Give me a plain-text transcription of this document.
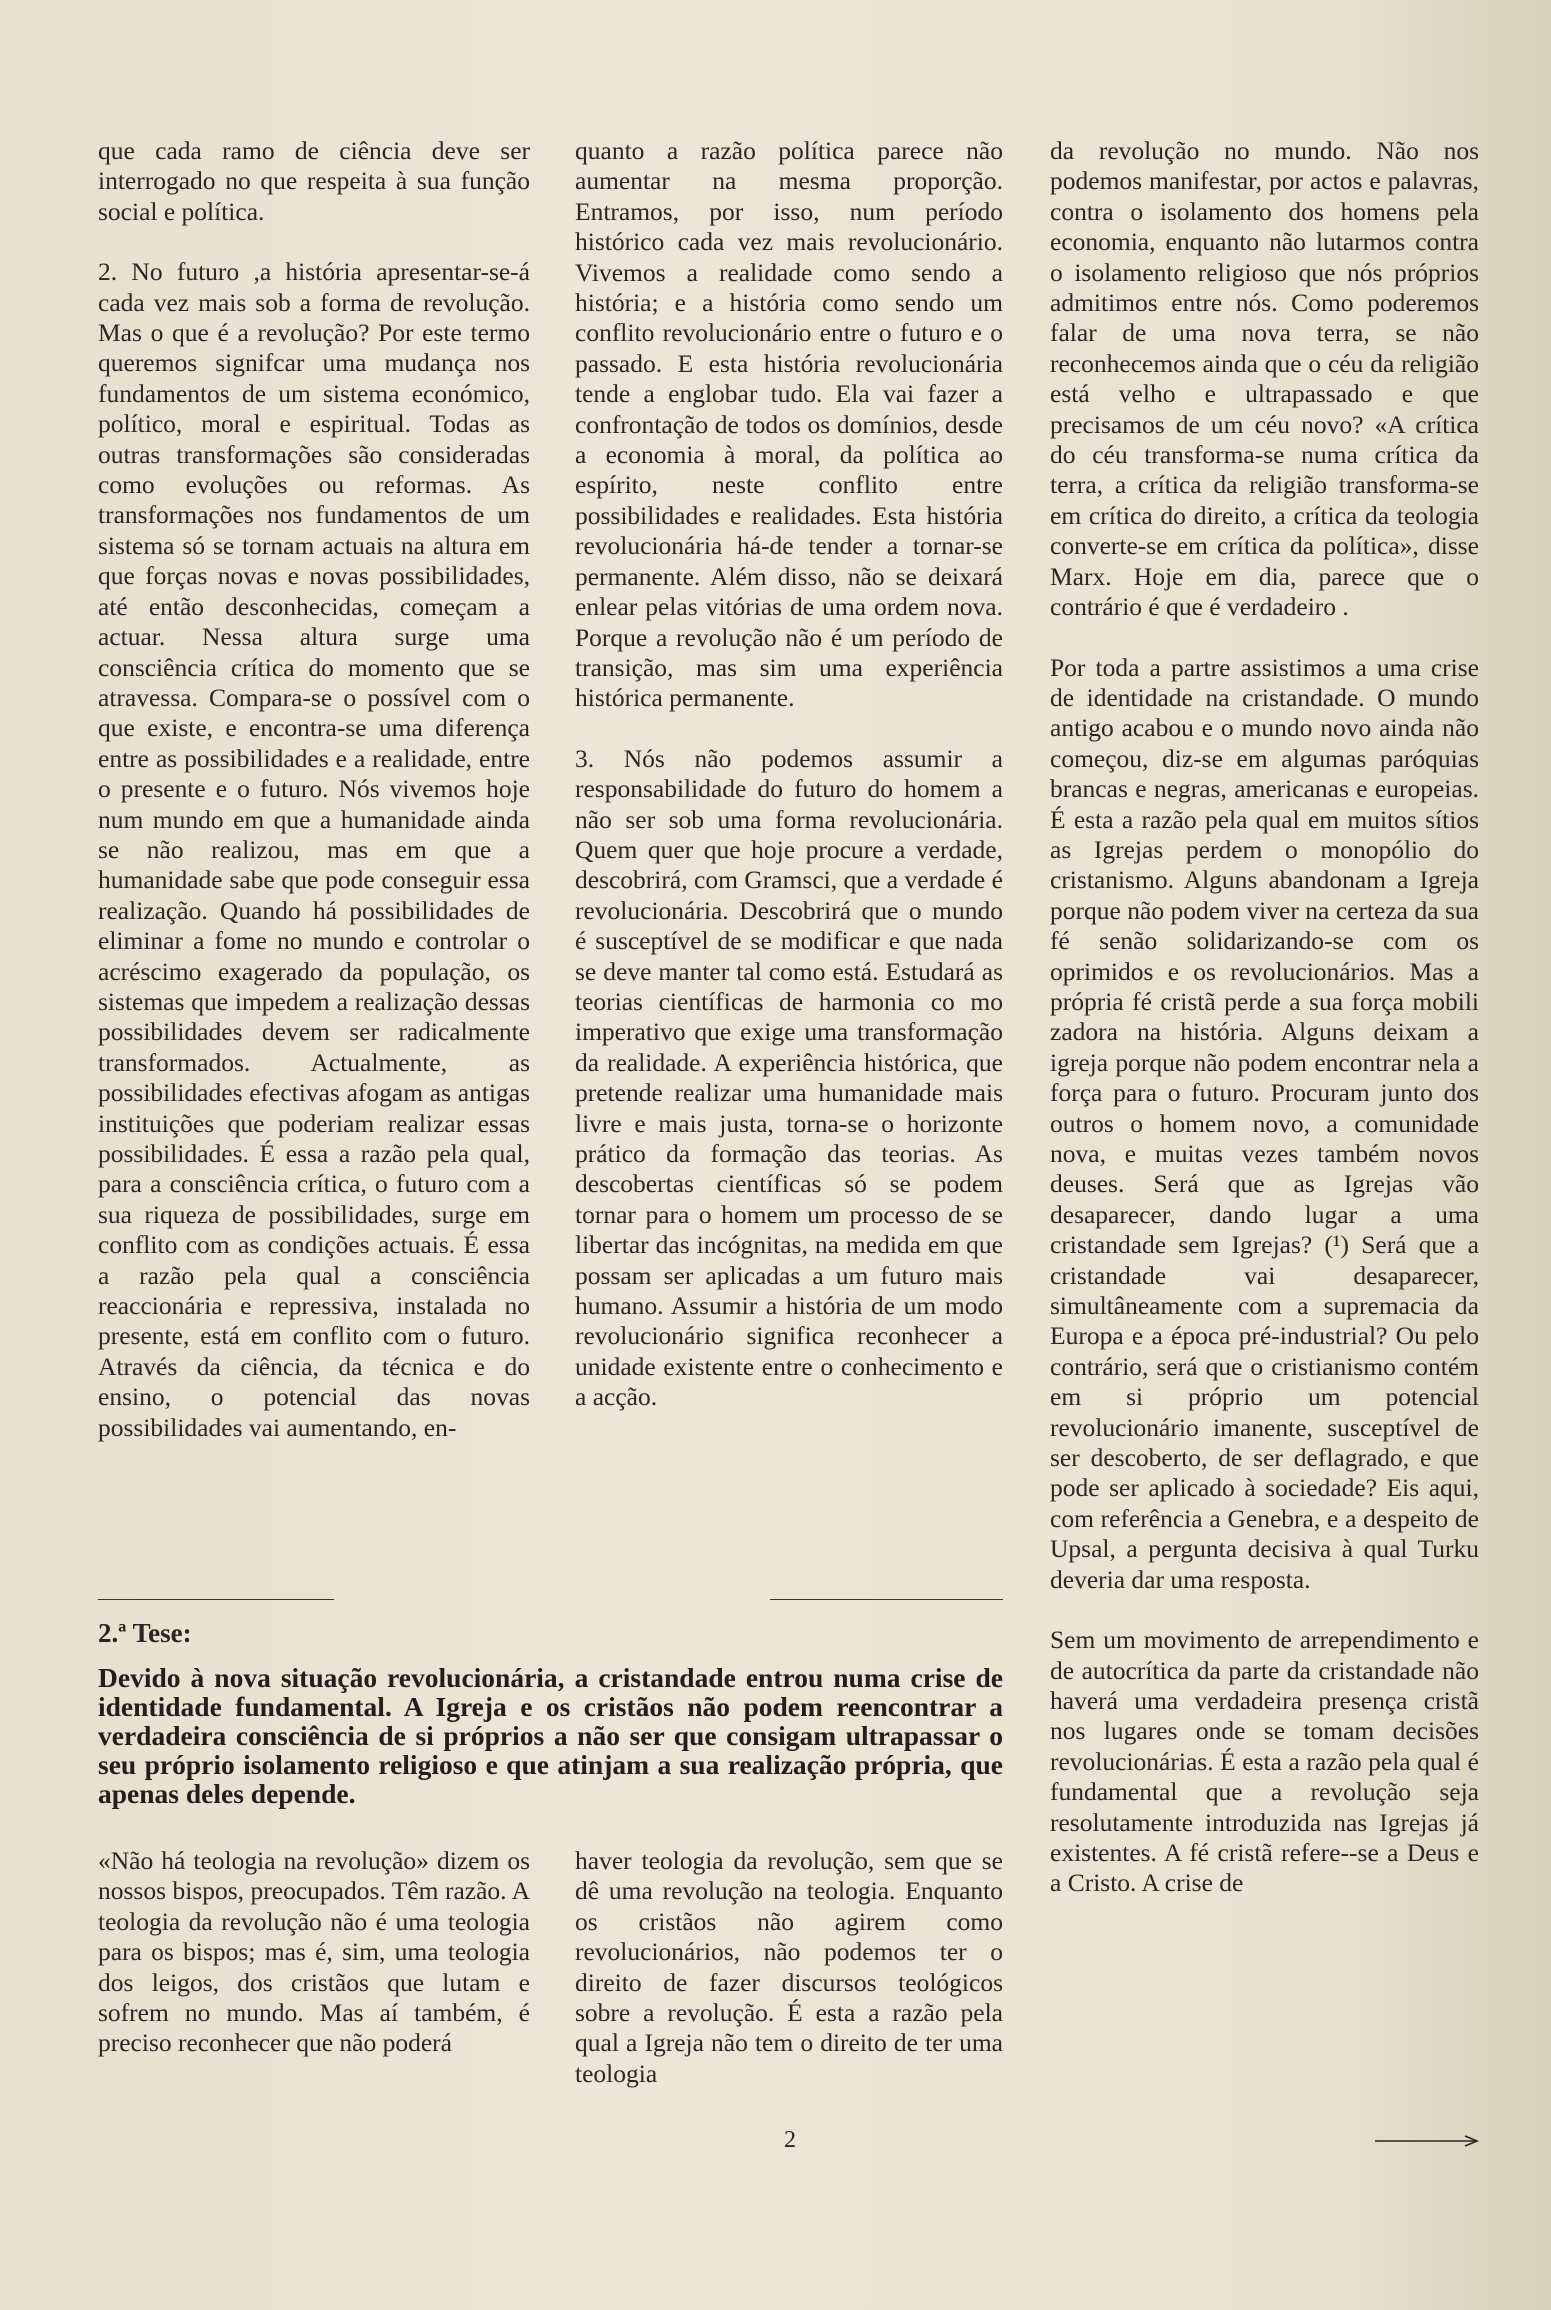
que cada ramo de ciência deve ser interrogado no que respeita à sua função social e política.

2. No futuro ,a história apresentar-se-á cada vez mais sob a forma de revolução. Mas o que é a revolução? Por este termo queremos signifcar uma mudança nos fundamentos de um sistema económico, político, moral e espiritual. Todas as outras transformações são consideradas como evoluções ou reformas. As transformações nos fundamentos de um sistema só se tornam actuais na altura em que forças novas e novas possibilidades, até então desconhecidas, começam a actuar. Nessa altura surge uma consciência crítica do momento que se atravessa. Compara-se o possível com o que existe, e encontra-se uma diferença entre as possibilidades e a realidade, entre o presente e o futuro. Nós vivemos hoje num mundo em que a humanidade ainda se não realizou, mas em que a humanidade sabe que pode conseguir essa realização. Quando há possibilidades de eliminar a fome no mundo e controlar o acréscimo exagerado da população, os sistemas que impedem a realização dessas possibilidades devem ser radicalmente transformados. Actualmente, as possibilidades efectivas afogam as antigas instituições que poderiam realizar essas possibilidades. É essa a razão pela qual, para a consciência crítica, o futuro com a sua riqueza de possibilidades, surge em conflito com as condições actuais. É essa a razão pela qual a consciência reaccionária e repressiva, instalada no presente, está em conflito com o futuro. Através da ciência, da técnica e do ensino, o potencial das novas possibilidades vai aumentando, en-

quanto a razão política parece não aumentar na mesma proporção. Entramos, por isso, num período histórico cada vez mais revolucionário. Vivemos a realidade como sendo a história; e a história como sendo um conflito revolucionário entre o futuro e o passado. E esta história revolucionária tende a englobar tudo. Ela vai fazer a confrontação de todos os domínios, desde a economia à moral, da política ao espírito, neste conflito entre possibilidades e realidades. Esta história revolucionária há-de tender a tornar-se permanente. Além disso, não se deixará enlear pelas vitórias de uma ordem nova. Porque a revolução não é um período de transição, mas sim uma experiência histórica permanente.

3. Nós não podemos assumir a responsabilidade do futuro do homem a não ser sob uma forma revolucionária. Quem quer que hoje procure a verdade, descobrirá, com Gramsci, que a verdade é revolucionária. Descobrirá que o mundo é susceptível de se modificar e que nada se deve manter tal como está. Estudará as teorias científicas de harmonia co mo imperativo que exige uma transformação da realidade. A experiência histórica, que pretende realizar uma humanidade mais livre e mais justa, torna-se o horizonte prático da formação das teorias. As descobertas científicas só se podem tornar para o homem um processo de se libertar das incógnitas, na medida em que possam ser aplicadas a um futuro mais humano. Assumir a história de um modo revolucionário significa reconhecer a unidade existente entre o conhecimento e a acção.

da revolução no mundo. Não nos podemos manifestar, por actos e palavras, contra o isolamento dos homens pela economia, enquanto não lutarmos contra o isolamento religioso que nós próprios admitimos entre nós. Como poderemos falar de uma nova terra, se não reconhecemos ainda que o céu da religião está velho e ultrapassado e que precisamos de um céu novo? «A crítica do céu transforma-se numa crítica da terra, a crítica da religião transforma-se em crítica do direito, a crítica da teologia converte-se em crítica da política», disse Marx. Hoje em dia, parece que o contrário é que é verdadeiro .

Por toda a partre assistimos a uma crise de identidade na cristandade. O mundo antigo acabou e o mundo novo ainda não começou, diz-se em algumas paróquias brancas e negras, americanas e europeias. É esta a razão pela qual em muitos sítios as Igrejas perdem o monopólio do cristanismo. Alguns abandonam a Igreja porque não podem viver na certeza da sua fé senão solidarizando-se com os oprimidos e os revolucionários. Mas a própria fé cristã perde a sua força mobili zadora na história. Alguns deixam a igreja porque não podem encontrar nela a força para o futuro. Procuram junto dos outros o homem novo, a comunidade nova, e muitas vezes também novos deuses. Será que as Igrejas vão desaparecer, dando lugar a uma cristandade sem Igrejas? (¹) Será que a cristandade vai desaparecer, simultâneamente com a supremacia da Europa e a época pré-industrial? Ou pelo contrário, será que o cristianismo contém em si próprio um potencial revolucionário imanente, susceptível de ser descoberto, de ser deflagrado, e que pode ser aplicado à sociedade? Eis aqui, com referência a Genebra, e a despeito de Upsal, a pergunta decisiva à qual Turku deveria dar uma resposta.

Sem um movimento de arrependimento e de autocrítica da parte da cristandade não haverá uma verdadeira presença cristã nos lugares onde se tomam decisões revolucionárias. É esta a razão pela qual é fundamental que a revolução seja resolutamente introduzida nas Igrejas já existentes. A fé cristã refere--se a Deus e a Cristo. A crise de

2.ª Tese:

Devido à nova situação revolucionária, a cristandade entrou numa crise de identidade fundamental. A Igreja e os cristãos não podem reencontrar a verdadeira consciência de si próprios a não ser que consigam ultrapassar o seu próprio isolamento religioso e que atinjam a sua realização própria, que apenas deles depende.

«Não há teologia na revolução» dizem os nossos bispos, preocupados. Têm razão. A teologia da revolução não é uma teologia para os bispos; mas é, sim, uma teologia dos leigos, dos cristãos que lutam e sofrem no mundo. Mas aí também, é preciso reconhecer que não poderá

haver teologia da revolução, sem que se dê uma revolução na teologia. Enquanto os cristãos não agirem como revolucionários, não podemos ter o direito de fazer discursos teológicos sobre a revolução. É esta a razão pela qual a Igreja não tem o direito de ter uma teologia

2
